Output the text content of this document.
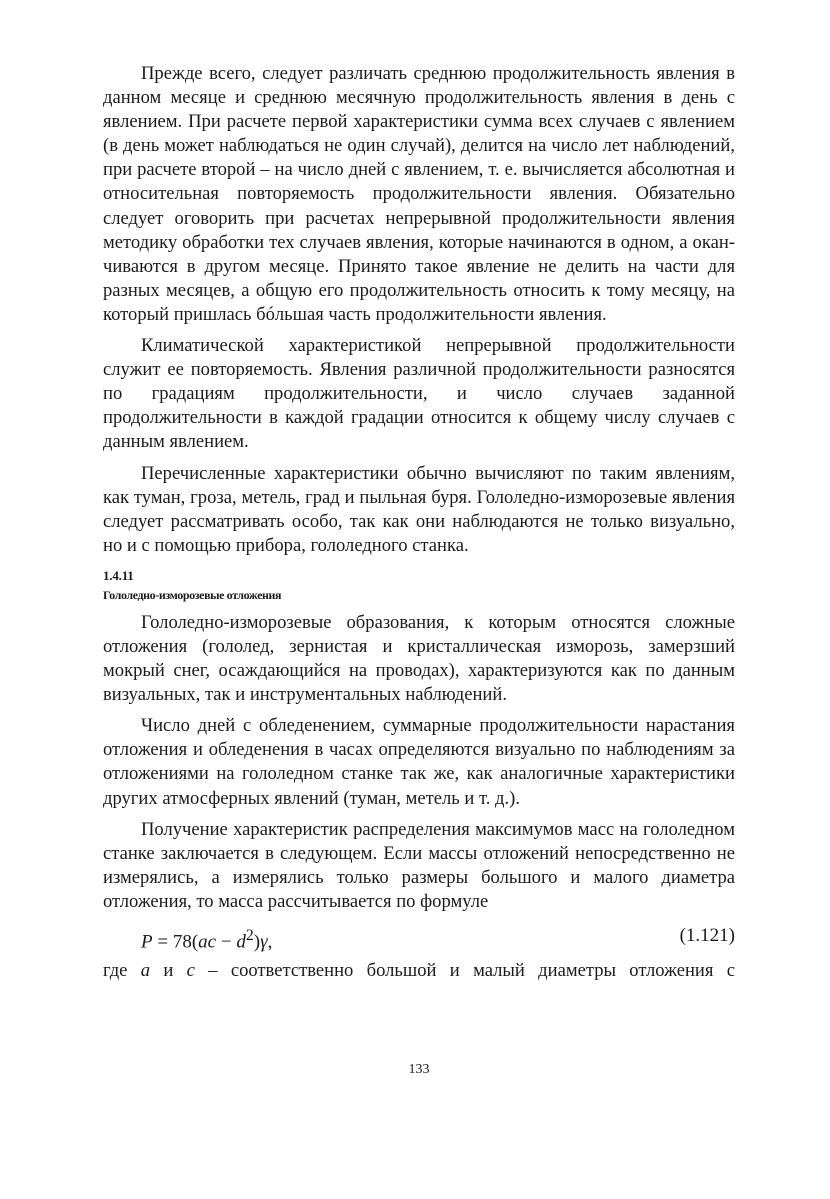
Прежде всего, следует различать среднюю продолжительность явления в данном месяце и среднюю месячную продолжительность явления в день с явлением. При расчете первой характеристики сумма всех случаев с явлением (в день может наблюдаться не один случай), делится на число лет наблюдений, при расчете второй – на число дней с явлением, т. е. вычисляется абсолютная и относительная повторяемость продолжительности явления. Обязательно следует оговорить при расчетах непрерывной продолжительности явления методику обработки тех случаев явления, которые начинаются в одном, а оканчиваются в другом месяце. Принято такое явление не делить на части для разных месяцев, а общую его продолжительность относить к тому месяцу, на который пришлась бóльшая часть продолжительности явления.

Климатической характеристикой непрерывной продолжительности служит ее повторяемость. Явления различной продолжительности разносятся по градациям продолжительности, и число случаев заданной продолжительности в каждой градации относится к общему числу случаев с данным явлением.

Перечисленные характеристики обычно вычисляют по таким явлениям, как туман, гроза, метель, град и пыльная буря. Гололедно-изморозевые явления следует рассматривать особо, так как они наблюдаются не только визуально, но и с помощью прибора, гололедного станка.

1.4.11
Гололедно-изморозевые отложения

Гололедно-изморозевые образования, к которым относятся сложные отложения (гололед, зернистая и кристаллическая изморозь, замерзший мокрый снег, осаждающийся на проводах), характеризуются как по данным визуальных, так и инструментальных наблюдений.

Число дней с обледенением, суммарные продолжительности нарастания отложения и обледенения в часах определяются визуально по наблюдениям за отложениями на гололедном станке так же, как аналогичные характеристики других атмосферных явлений (туман, метель и т. д.).

Получение характеристик распределения максимумов масс на гололедном станке заключается в следующем. Если массы отложений непосредственно не измерялись, а измерялись только размеры большого и малого диаметра отложения, то масса рассчитывается по формуле

$P = 78(ac - d^2)\gamma$,	(1.121)

где a и c – соответственно большой и малый диаметры отложения с

133
